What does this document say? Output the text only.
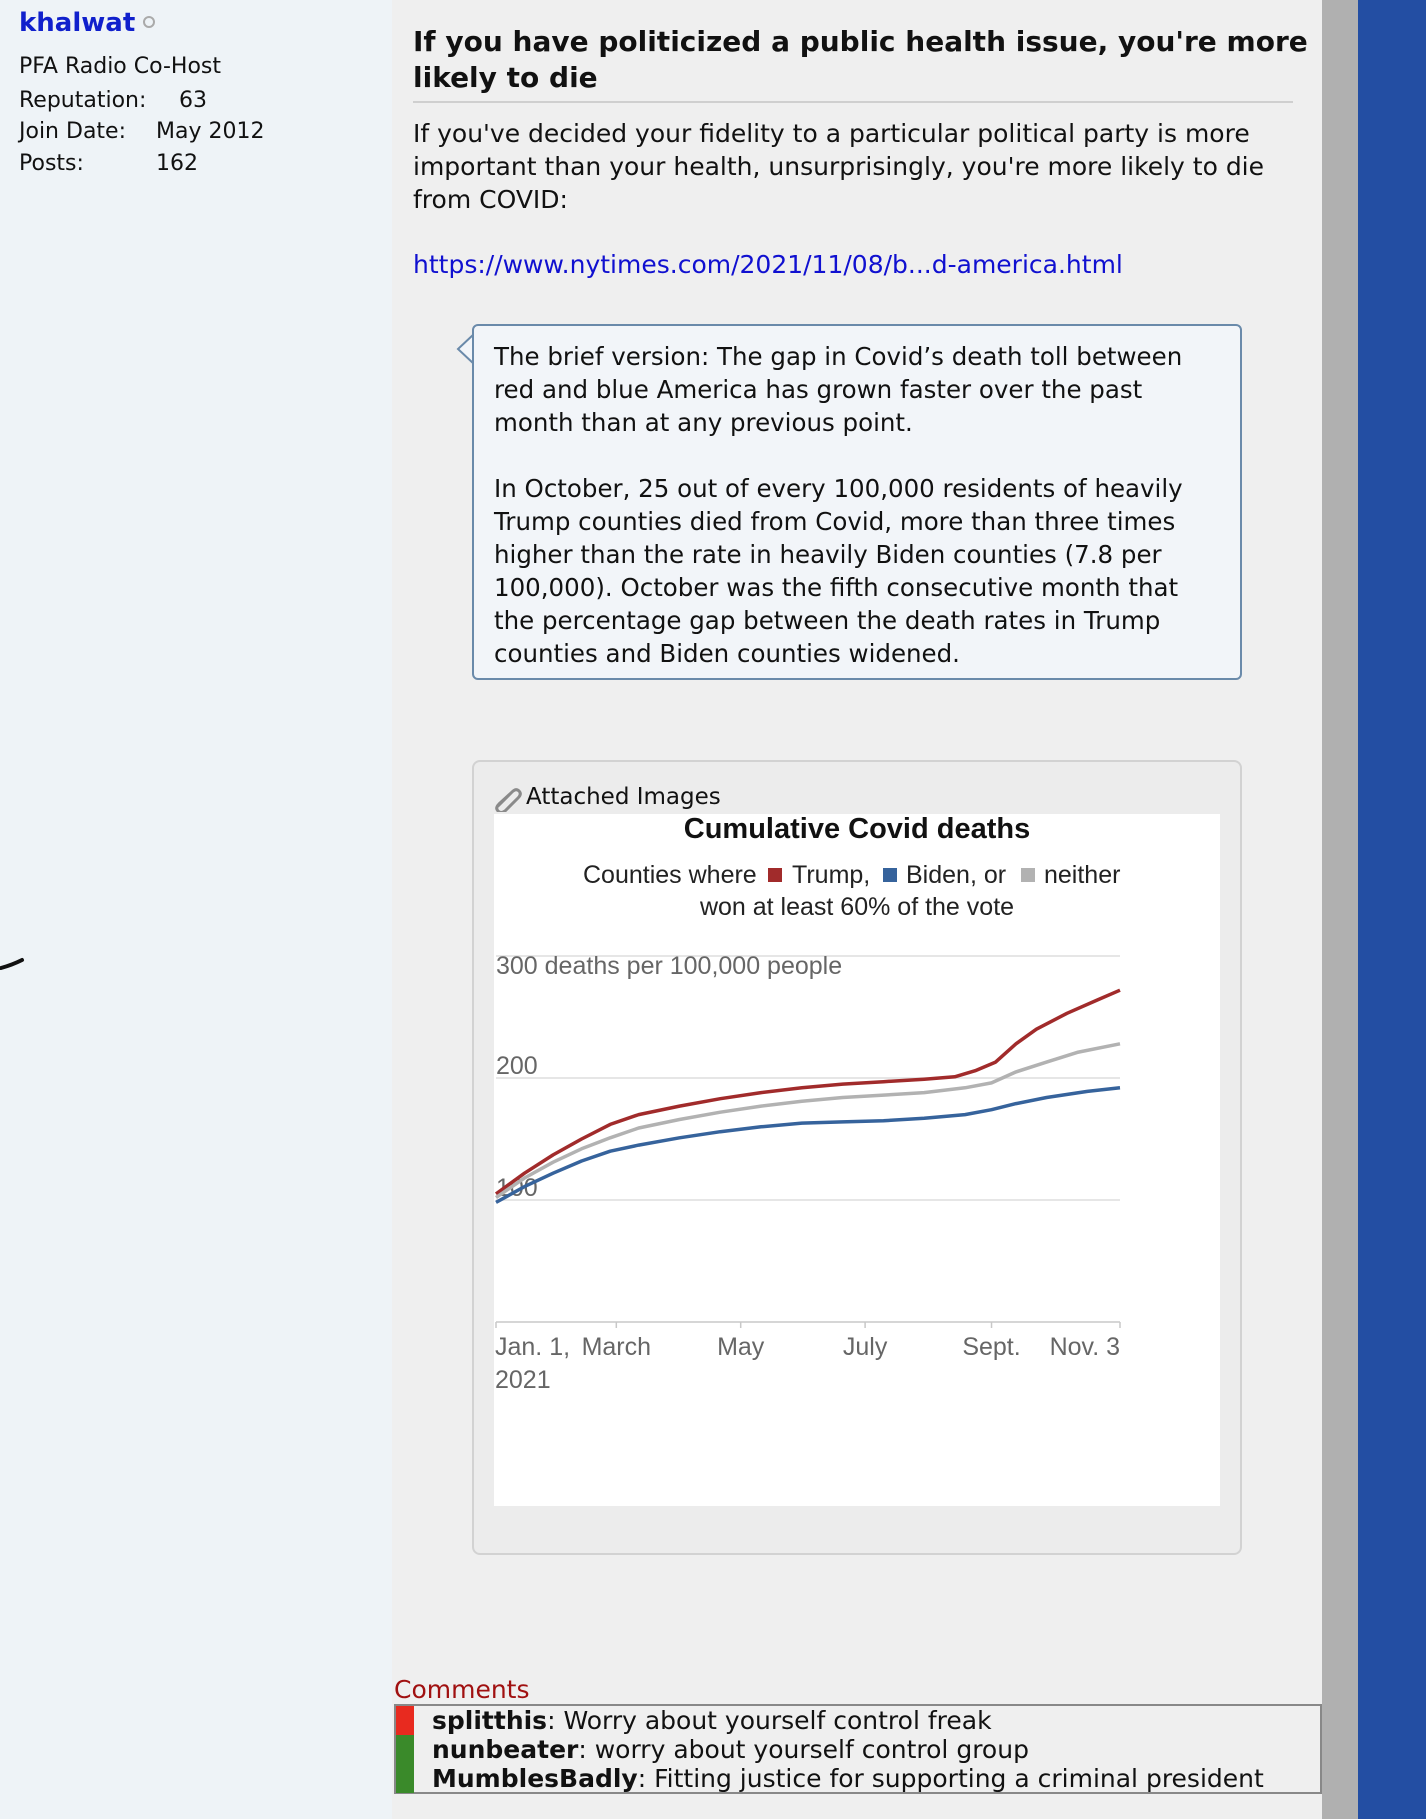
khalwat
PFA Radio Co-Host
Reputation: 63
Join Date: May 2012
Posts:	162
If you have politicized a public health issue, you're more likely to die
If you've decided your fidelity to a particular political party is more important than your health, unsurprisingly, you're more likely to die from COVID:
https://www.nytimes.com/2021/11/08/b...d-america.html

The brief version: The gap in Covid’s death toll between red and blue America has grown faster over the past month than at any previous point.

In October, 25 out of every 100,000 residents of heavily Trump counties died from Covid, more than three times higher than the rate in heavily Biden counties (7.8 per 100,000). October was the fifth consecutive month that the percentage gap between the death rates in Trump counties and Biden counties widened.

Attached Images
Cumulative Covid deaths
Counties where Trump, Biden, or neither
won at least 60% of the vote
100
200
Jan. 1, March	May	July	Sept. Nov. 3
2021
300 deaths per 100,000 people
Comments
splitthis: Worry about yourself control freak
nunbeater: worry about yourself control group
MumblesBadly: Fitting justice for supporting a criminal president
